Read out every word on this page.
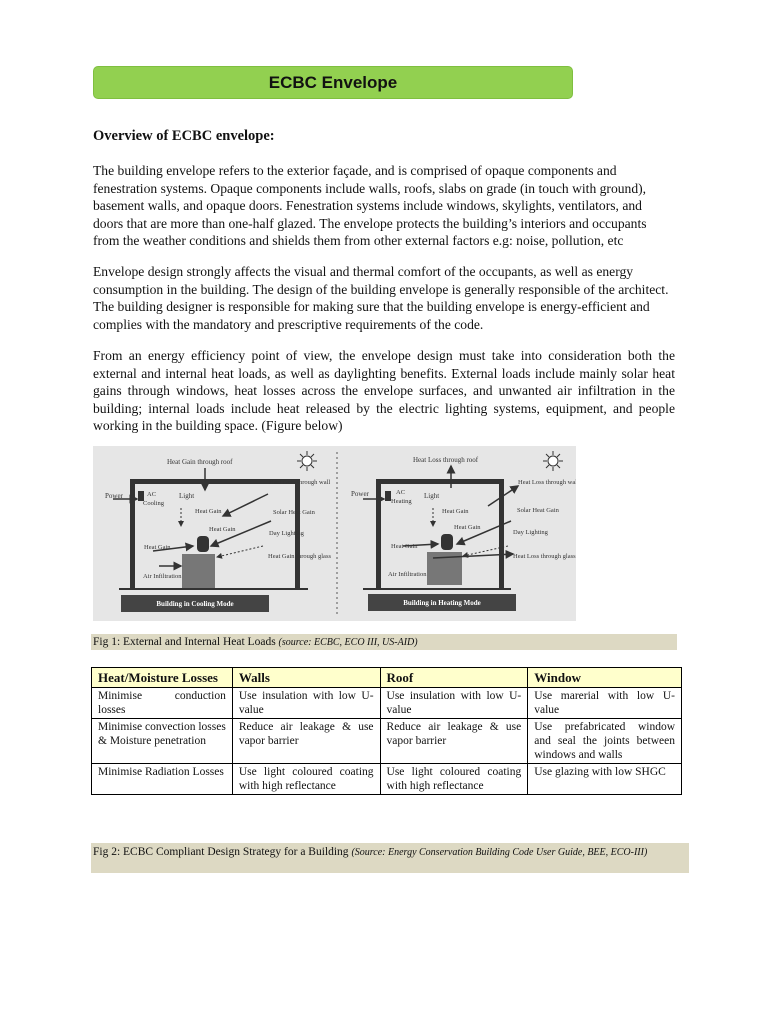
ECBC Envelope
Overview of ECBC envelope:

The building envelope refers to the exterior façade, and is comprised of opaque components and fenestration systems. Opaque components include walls, roofs, slabs on grade (in touch with ground), basement walls, and opaque doors. Fenestration systems include windows, skylights, ventilators, and doors that are more than one-half glazed. The envelope protects the building’s interiors and occupants from the weather conditions and shields them from other external factors e.g: noise, pollution, etc

Envelope design strongly affects the visual and thermal comfort of the occupants, as well as energy consumption in the building. The design of the building envelope is generally responsible of the architect. The building designer is responsible for making sure that the building envelope is energy-efficient and complies with the mandatory and prescriptive requirements of the code.

From an energy efficiency point of view, the envelope design must take into consideration both the external and internal heat loads, as well as daylighting benefits. External loads include mainly solar heat gains through windows, heat losses across the envelope surfaces, and unwanted air infiltration in the building; internal loads include heat released by the electric lighting systems, equipment, and people working in the building space. (Figure below)

Heat Gain through roof
Heat Gain through wall
Power	AC
Cooling
Light
Heat Gain
Heat Gain
Heat Gain
Solar Heat Gain
Day Lighting
Heat Gain through glass
Air Infiltration
Building in Cooling Mode
Heat Loss through roof
Heat Loss through wall
Power	AC
Heating
Light
Heat Gain
Heat Gain
Heat Gain
Solar Heat Gain
Day Lighting
Heat Loss through glass
Air Infiltration
Building in Heating Mode
Fig 1: External and Internal Heat Loads (source: ECBC, ECO III, US-AID)
Heat/Moisture Losses	Walls	Roof	Window
Minimise conduction losses	Use insulation with low U-value	Use insulation with low U-value	Use marerial with low U-value
Minimise convection losses & Moisture penetration	Reduce air leakage & use vapor barrier	Reduce air leakage & use vapor barrier	Use prefabricated window and seal the joints between windows and walls
Minimise Radiation Losses	Use light coloured coating with high reflectance	Use light coloured coating with high reflectance	Use glazing with low SHGC
Fig 2: ECBC Compliant Design Strategy for a Building (Source: Energy Conservation Building Code User Guide, BEE, ECO-III)
